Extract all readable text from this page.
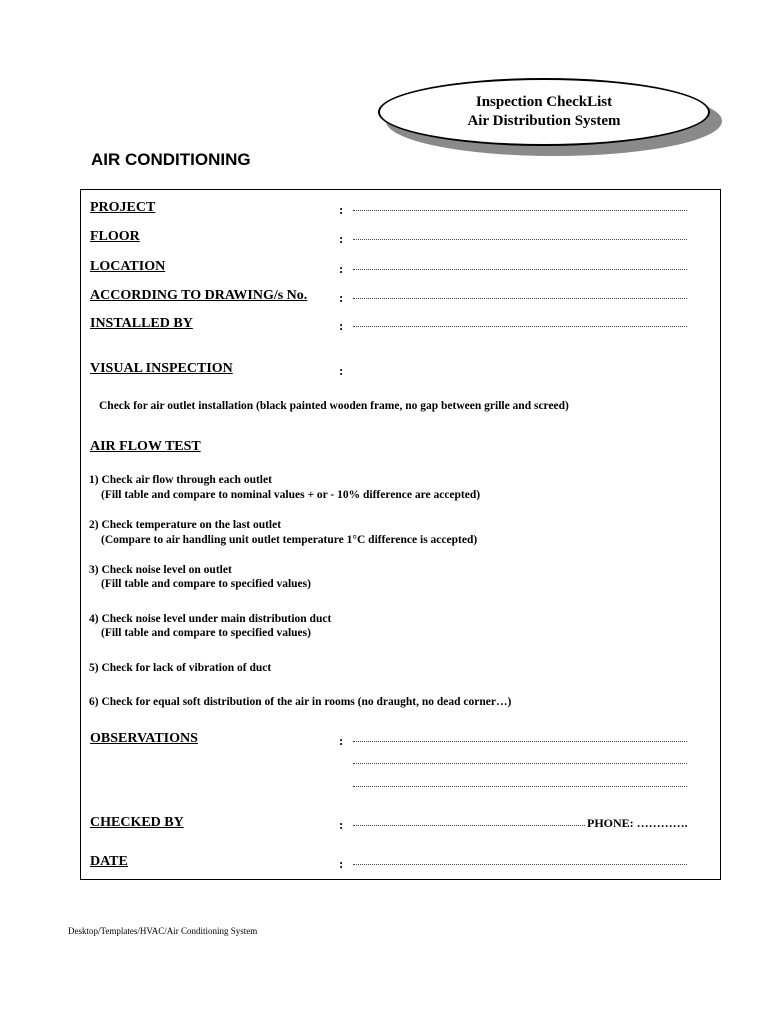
Inspection CheckList
Air Distribution System
AIR CONDITIONING
PROJECT	:
FLOOR	:
LOCATION	:
ACCORDING TO DRAWING/s No. :
INSTALLED BY	:
VISUAL INSPECTION	:
Check for air outlet installation (black painted wooden frame, no gap between grille and screed)
AIR FLOW TEST
1) Check air flow through each outlet
(Fill table and compare to nominal values + or - 10% difference are accepted)
2) Check temperature on the last outlet
(Compare to air handling unit outlet temperature 1°C difference is accepted)
3) Check noise level on outlet
(Fill table and compare to specified values)
4) Check noise level under main distribution duct
(Fill table and compare to specified values)
5) Check for lack of vibration of duct
6) Check for equal soft distribution of the air in rooms (no draught, no dead corner…)
OBSERVATIONS	:
CHECKED BY	:	PHONE: ………….
DATE	:
Desktop/Templates/HVAC/Air Conditioning System
